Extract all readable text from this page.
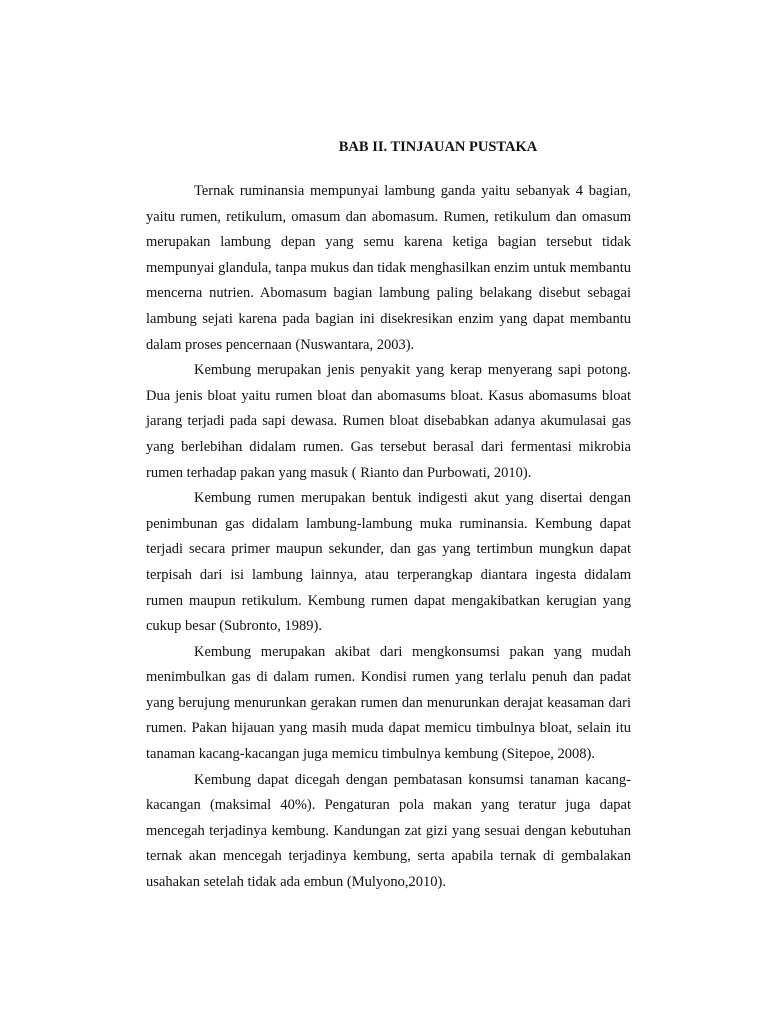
BAB II. TINJAUAN PUSTAKA

Ternak ruminansia mempunyai lambung ganda yaitu sebanyak 4 bagian, yaitu rumen, retikulum, omasum dan abomasum. Rumen, retikulum dan omasum merupakan lambung depan yang semu karena ketiga bagian tersebut tidak mempunyai glandula, tanpa mukus dan tidak menghasilkan enzim untuk membantu mencerna nutrien. Abomasum bagian lambung paling belakang disebut sebagai lambung sejati karena pada bagian ini disekresikan enzim yang dapat membantu dalam proses pencernaan (Nuswantara, 2003).

Kembung merupakan jenis penyakit yang kerap menyerang sapi potong. Dua jenis bloat yaitu rumen bloat dan abomasums bloat. Kasus abomasums bloat jarang terjadi pada sapi dewasa. Rumen bloat disebabkan adanya akumulasai gas yang berlebihan didalam rumen. Gas tersebut berasal dari fermentasi mikrobia rumen terhadap pakan yang masuk ( Rianto dan Purbowati, 2010).

Kembung rumen merupakan bentuk indigesti akut yang disertai dengan penimbunan gas didalam lambung-lambung muka ruminansia. Kembung dapat terjadi secara primer maupun sekunder, dan gas yang tertimbun mungkun dapat terpisah dari isi lambung lainnya, atau terperangkap diantara ingesta didalam rumen maupun retikulum. Kembung rumen dapat mengakibatkan kerugian yang cukup besar (Subronto, 1989).

Kembung merupakan akibat dari mengkonsumsi pakan yang mudah menimbulkan gas di dalam rumen. Kondisi rumen yang terlalu penuh dan padat yang berujung menurunkan gerakan rumen dan menurunkan derajat keasaman dari rumen. Pakan hijauan yang masih muda dapat memicu timbulnya bloat, selain itu tanaman kacang-kacangan juga memicu timbulnya kembung (Sitepoe, 2008).

Kembung dapat dicegah dengan pembatasan konsumsi tanaman kacang-kacangan (maksimal 40%). Pengaturan pola makan yang teratur juga dapat mencegah terjadinya kembung. Kandungan zat gizi yang sesuai dengan kebutuhan ternak akan mencegah terjadinya kembung, serta apabila ternak di gembalakan usahakan setelah tidak ada embun (Mulyono,2010).
